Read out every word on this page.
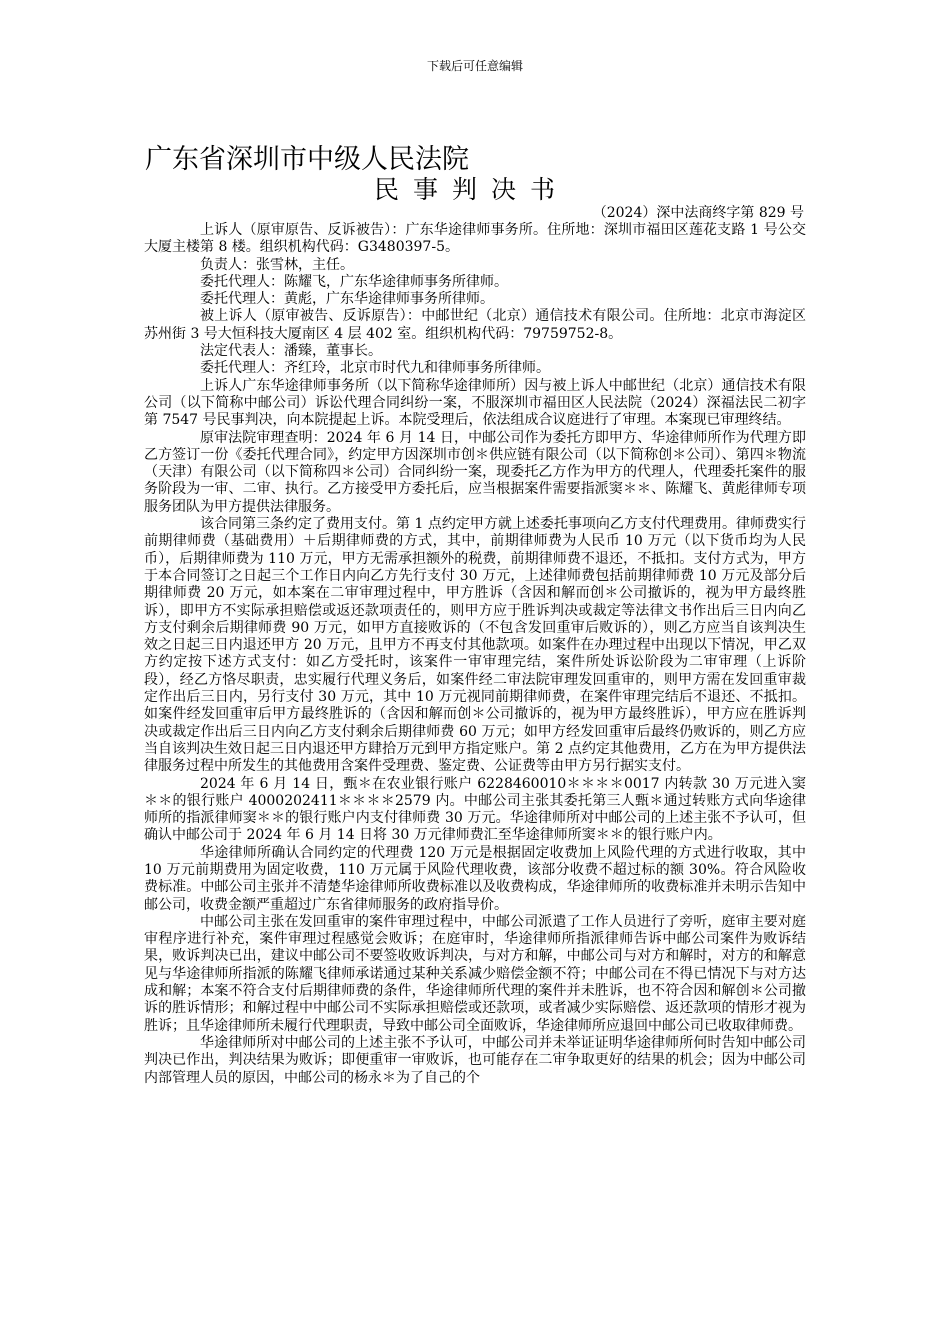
下载后可任意编辑
广东省深圳市中级人民法院
民事判决书
（2024）深中法商终字第 829 号

上诉人（原审原告、反诉被告）：广东华途律师事务所。住所地：深圳市福田区莲花支路 1 号公交大厦主楼第 8 楼。组织机构代码：G3480397-5。

负责人：张雪林，主任。

委托代理人：陈耀飞，广东华途律师事务所律师。

委托代理人：黄彪，广东华途律师事务所律师。

被上诉人（原审被告、反诉原告）：中邮世纪（北京）通信技术有限公司。住所地：北京市海淀区苏州街 3 号大恒科技大厦南区 4 层 402 室。组织机构代码：79759752-8。

法定代表人：潘臻，董事长。

委托代理人：齐红玲，北京市时代九和律师事务所律师。

上诉人广东华途律师事务所（以下简称华途律师所）因与被上诉人中邮世纪（北京）通信技术有限公司（以下简称中邮公司）诉讼代理合同纠纷一案，不服深圳市福田区人民法院（2024）深福法民二初字第 7547 号民事判决，向本院提起上诉。本院受理后，依法组成合议庭进行了审理。本案现已审理终结。

原审法院审理查明：2024 年 6 月 14 日，中邮公司作为委托方即甲方、华途律师所作为代理方即乙方签订一份《委托代理合同》，约定甲方因深圳市创＊供应链有限公司（以下简称创＊公司）、第四＊物流（天津）有限公司（以下简称四＊公司）合同纠纷一案，现委托乙方作为甲方的代理人，代理委托案件的服务阶段为一审、二审、执行。乙方接受甲方委托后，应当根据案件需要指派窦＊＊、陈耀飞、黄彪律师专项服务团队为甲方提供法律服务。

该合同第三条约定了费用支付。第 1 点约定甲方就上述委托事项向乙方支付代理费用。律师费实行前期律师费（基础费用）＋后期律师费的方式，其中，前期律师费为人民币 10 万元（以下货币均为人民币），后期律师费为 110 万元，甲方无需承担额外的税费，前期律师费不退还，不抵扣。支付方式为，甲方于本合同签订之日起三个工作日内向乙方先行支付 30 万元，上述律师费包括前期律师费 10 万元及部分后期律师费 20 万元，如本案在二审审理过程中，甲方胜诉（含因和解而创＊公司撤诉的，视为甲方最终胜诉），即甲方不实际承担赔偿或返还款项责任的，则甲方应于胜诉判决或裁定等法律文书作出后三日内向乙方支付剩余后期律师费 90 万元，如甲方直接败诉的（不包含发回重审后败诉的），则乙方应当自该判决生效之日起三日内退还甲方 20 万元，且甲方不再支付其他款项。如案件在办理过程中出现以下情况，甲乙双方约定按下述方式支付：如乙方受托时，该案件一审审理完结，案件所处诉讼阶段为二审审理（上诉阶段），经乙方恪尽职责，忠实履行代理义务后，如案件经二审法院审理发回重审的，则甲方需在发回重审裁定作出后三日内，另行支付 30 万元，其中 10 万元视同前期律师费，在案件审理完结后不退还、不抵扣。如案件经发回重审后甲方最终胜诉的（含因和解而创＊公司撤诉的，视为甲方最终胜诉），甲方应在胜诉判决或裁定作出后三日内向乙方支付剩余后期律师费 60 万元；如甲方经发回重审后最终仍败诉的，则乙方应当自该判决生效日起三日内退还甲方肆拾万元到甲方指定账户。第 2 点约定其他费用，乙方在为甲方提供法律服务过程中所发生的其他费用含案件受理费、鉴定费、公证费等由甲方另行据实支付。

2024 年 6 月 14 日，甄＊在农业银行账户 6228460010＊＊＊＊0017 内转款 30 万元进入窦＊＊的银行账户 4000202411＊＊＊＊2579 内。中邮公司主张其委托第三人甄＊通过转账方式向华途律师所的指派律师窦＊＊的银行账户内支付律师费 30 万元。华途律师所对中邮公司的上述主张不予认可，但确认中邮公司于 2024 年 6 月 14 日将 30 万元律师费汇至华途律师所窦＊＊的银行账户内。

华途律师所确认合同约定的代理费 120 万元是根据固定收费加上风险代理的方式进行收取，其中 10 万元前期费用为固定收费，110 万元属于风险代理收费，该部分收费不超过标的额 30%。符合风险收费标准。中邮公司主张并不清楚华途律师所收费标准以及收费构成，华途律师所的收费标准并未明示告知中邮公司，收费金额严重超过广东省律师服务的政府指导价。

中邮公司主张在发回重审的案件审理过程中，中邮公司派遣了工作人员进行了旁听，庭审主要对庭审程序进行补充，案件审理过程感觉会败诉；在庭审时，华途律师所指派律师告诉中邮公司案件为败诉结果，败诉判决已出，建议中邮公司不要签收败诉判决，与对方和解，中邮公司与对方和解时，对方的和解意见与华途律师所指派的陈耀飞律师承诺通过某种关系减少赔偿金额不符；中邮公司在不得已情况下与对方达成和解；本案不符合支付后期律师费的条件，华途律师所代理的案件并未胜诉，也不符合因和解创＊公司撤诉的胜诉情形；和解过程中中邮公司不实际承担赔偿或还款项，或者减少实际赔偿、返还款项的情形才视为胜诉；且华途律师所未履行代理职责，导致中邮公司全面败诉，华途律师所应退回中邮公司已收取律师费。

华途律师所对中邮公司的上述主张不予认可，中邮公司并未举证证明华途律师所何时告知中邮公司判决已作出，判决结果为败诉；即便重审一审败诉，也可能存在二审争取更好的结果的机会；因为中邮公司内部管理人员的原因，中邮公司的杨永＊为了自己的个
